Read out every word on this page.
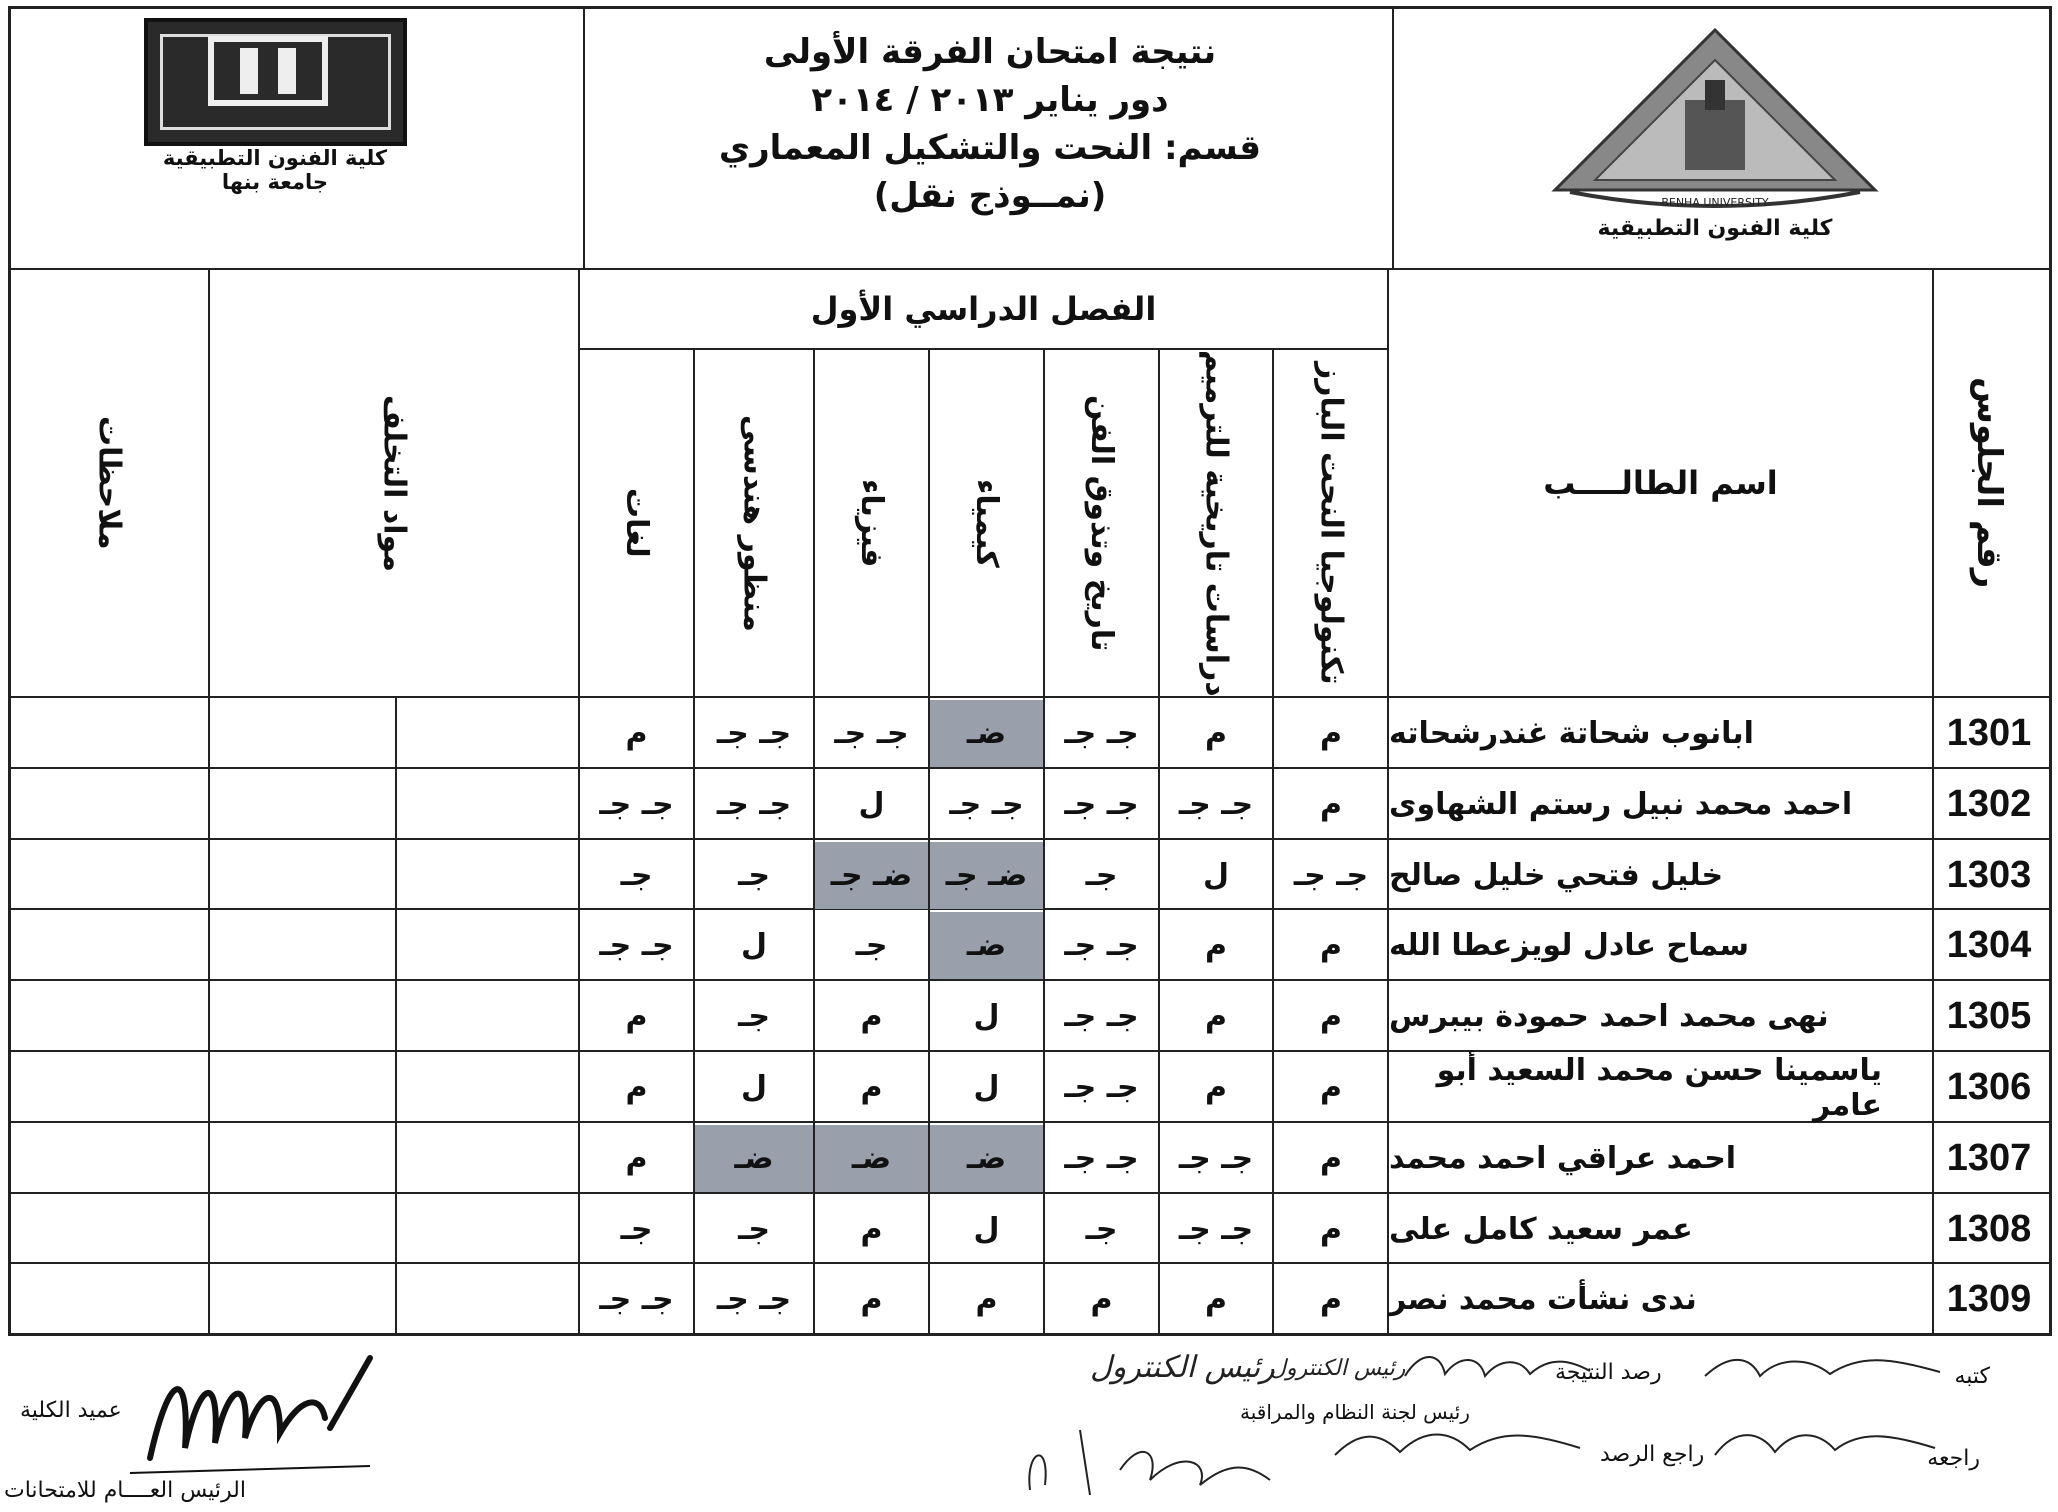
كلية الفنون التطبيقية
جامعة بنها
نتيجة امتحان الفرقة الأولى
دور يناير ٢٠١٣ / ٢٠١٤
قسم: النحت والتشكيل المعماري
(نمــوذج نقل)	BENHA UNIVERSITY
كلية الفنون التطبيقية
الفصل الدراسي الأول
رقم الجلوس
اسم الطالــــب
تكنولوجيا النحت البارز
دراسات تاريخية للترميم
تاريخ وتذوق الفن
كيمياء
فيزياء
منظور هندسى
لغات
مواد التخلف
ملاحظات
1301
ابانوب شحاتة غندرشحاته
م
م
جـ جـ
ضـ
جـ جـ
جـ جـ
م
1302
احمد محمد نبيل رستم الشهاوى
م
جـ جـ
جـ جـ
جـ جـ
ل
جـ جـ
جـ جـ
1303
خليل فتحي خليل صالح
جـ جـ
ل
جـ
ضـ جـ
ضـ جـ
جـ
جـ
1304
سماح عادل لويزعطا الله
م
م
جـ جـ
ضـ
جـ
ل
جـ جـ
1305
نهى محمد احمد حمودة بيبرس
م
م
جـ جـ
ل
م
جـ
م
1306
ياسمينا حسن محمد السعيد أبو عامر
م
م
جـ جـ
ل
م
ل
م
1307
احمد عراقي احمد محمد
م
جـ جـ
جـ جـ
ضـ
ضـ
ضـ
م
1308
عمر سعيد كامل على
م
جـ جـ
جـ
ل
م
جـ
جـ
1309
ندى نشأت محمد نصر
م
م
م
م
م
جـ جـ
جـ جـ
كتبه
رصد النتيجة
رئيس لجنة النظام والمراقبة
راجعه
راجع الرصد
عميد الكلية
الرئيس العــــام للامتحانات
رئيس الكنترول
رئيس الكنترول
